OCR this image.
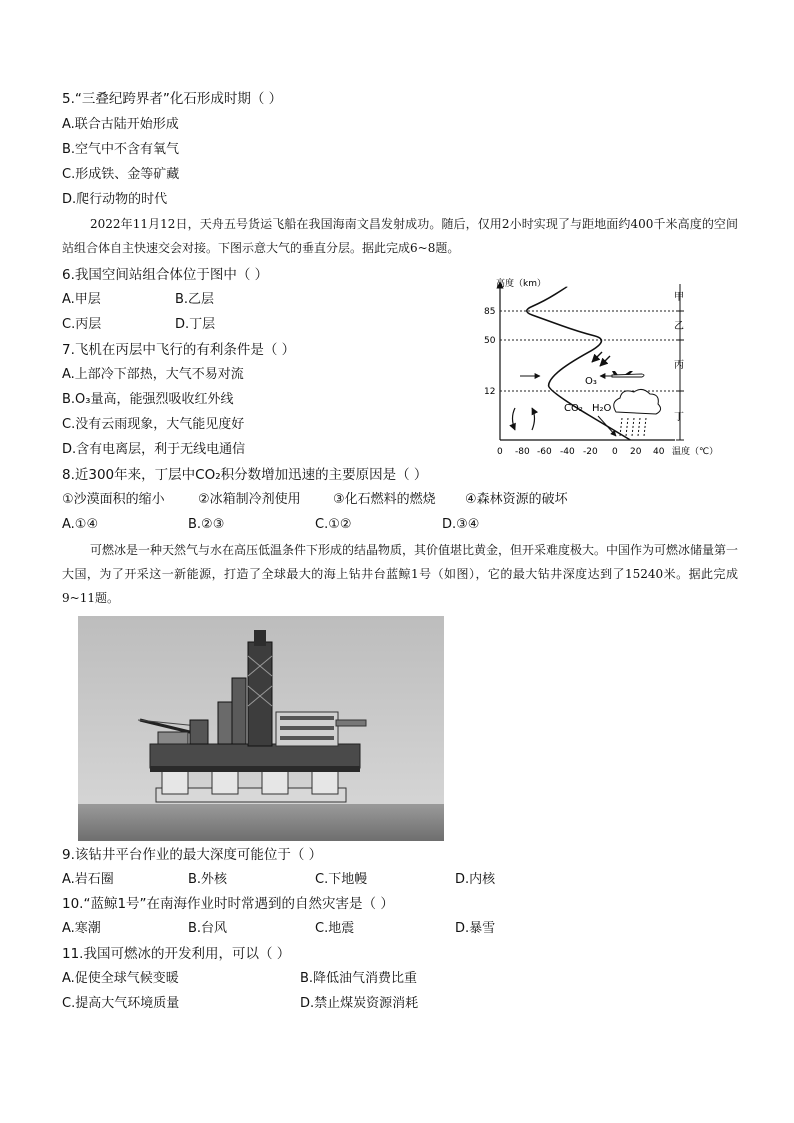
5.“三叠纪跨界者”化石形成时期（ ）
A.联合古陆开始形成
B.空气中不含有氧气
C.形成铁、金等矿藏
D.爬行动物的时代
2022年11月12日，天舟五号货运飞船在我国海南文昌发射成功。随后，仅用2小时实现了与距地面约400千米高度的空间站组合体自主快速交会对接。下图示意大气的垂直分层。据此完成6~8题。
6.我国空间站组合体位于图中（ ）
A.甲层	B.乙层
C.丙层	D.丁层
7.飞机在丙层中飞行的有利条件是（ ）
A.上部冷下部热，大气不易对流
B.O₃量高，能强烈吸收红外线
C.没有云雨现象，大气能见度好
D.含有电离层，利于无线电通信
高度（km）
温度（℃）
0 -80 -60 -40 -20 0 20 40
85
50
12
甲
乙
丙
丁
O₃
CO₂ H₂O
8.近300年来，丁层中CO₂积分数增加迅速的主要原因是（ ）
①沙漠面积的缩小	②冰箱制冷剂使用 ③化石燃料的燃烧 ④森林资源的破坏
A.①④	B.②③	C.①②	D.③④
可燃冰是一种天然气与水在高压低温条件下形成的结晶物质，其价值堪比黄金，但开采难度极大。中国作为可燃冰储量第一大国，为了开采这一新能源，打造了全球最大的海上钻井台蓝鲸1号（如图），它的最大钻井深度达到了15240米。据此完成9~11题。
9.该钻井平台作业的最大深度可能位于（ ）
A.岩石圈	B.外核	C.下地幔	D.内核
10.“蓝鲸1号”在南海作业时时常遇到的自然灾害是（ ）
A.寒潮	B.台风	C.地震	D.暴雪
11.我国可燃冰的开发利用，可以（ ）
A.促使全球气候变暖	B.降低油气消费比重
C.提高大气环境质量	D.禁止煤炭资源消耗
